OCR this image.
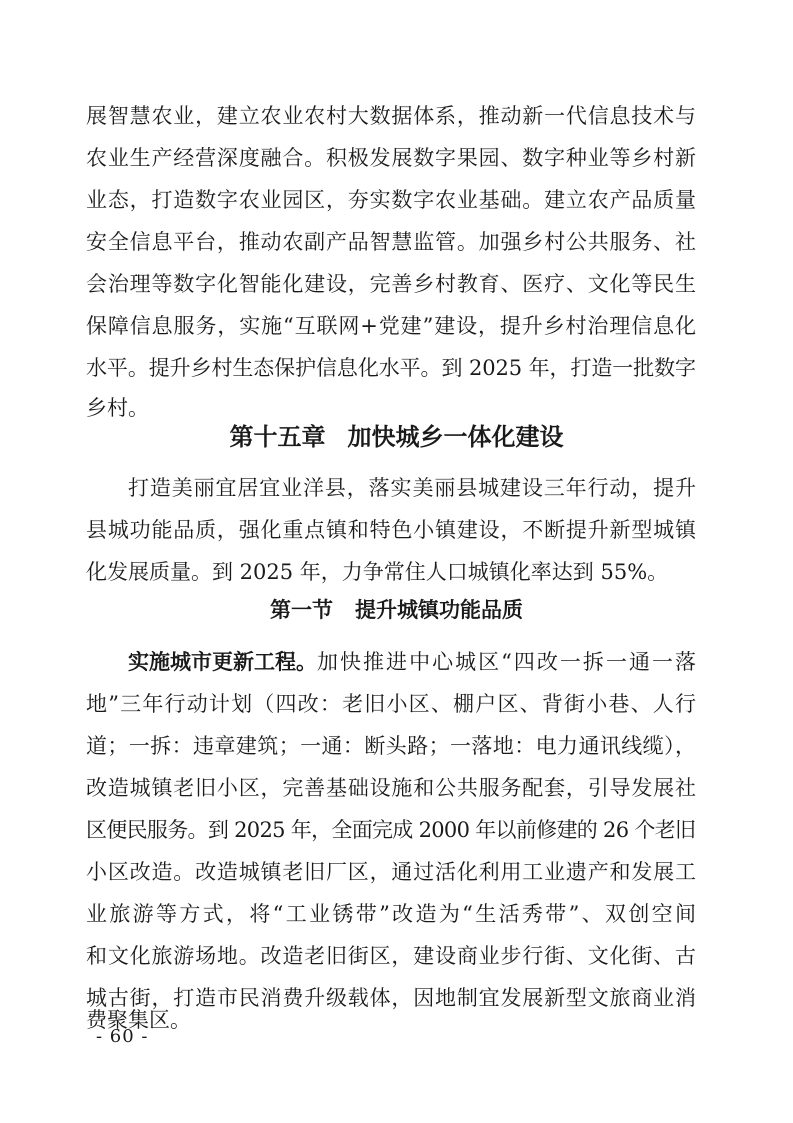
展智慧农业，建立农业农村大数据体系，推动新一代信息技术与
农业生产经营深度融合。积极发展数字果园、数字种业等乡村新
业态，打造数字农业园区，夯实数字农业基础。建立农产品质量
安全信息平台，推动农副产品智慧监管。加强乡村公共服务、社
会治理等数字化智能化建设，完善乡村教育、医疗、文化等民生
保障信息服务，实施“互联网+党建”建设，提升乡村治理信息化
水平。提升乡村生态保护信息化水平。到 2025 年，打造一批数字
乡村。
第十五章 加快城乡一体化建设
打造美丽宜居宜业洋县，落实美丽县城建设三年行动，提升
县城功能品质，强化重点镇和特色小镇建设，不断提升新型城镇
化发展质量。到 2025 年，力争常住人口城镇化率达到 55%。
第一节 提升城镇功能品质
实施城市更新工程。 加快推进中心城区“四改一拆一通一落
地”三年行动计划（四改：老旧小区、棚户区、背街小巷、人行
道；一拆：违章建筑；一通：断头路；一落地：电力通讯线缆），
改造城镇老旧小区，完善基础设施和公共服务配套，引导发展社
区便民服务。到 2025 年，全面完成 2000 年以前修建的 26 个老旧
小区改造。改造城镇老旧厂区，通过活化利用工业遗产和发展工
业旅游等方式，将“工业锈带”改造为“生活秀带”、双创空间
和文化旅游场地。改造老旧街区，建设商业步行街、文化街、古
城古街，打造市民消费升级载体，因地制宜发展新型文旅商业消
费聚集区。
- 60 -
